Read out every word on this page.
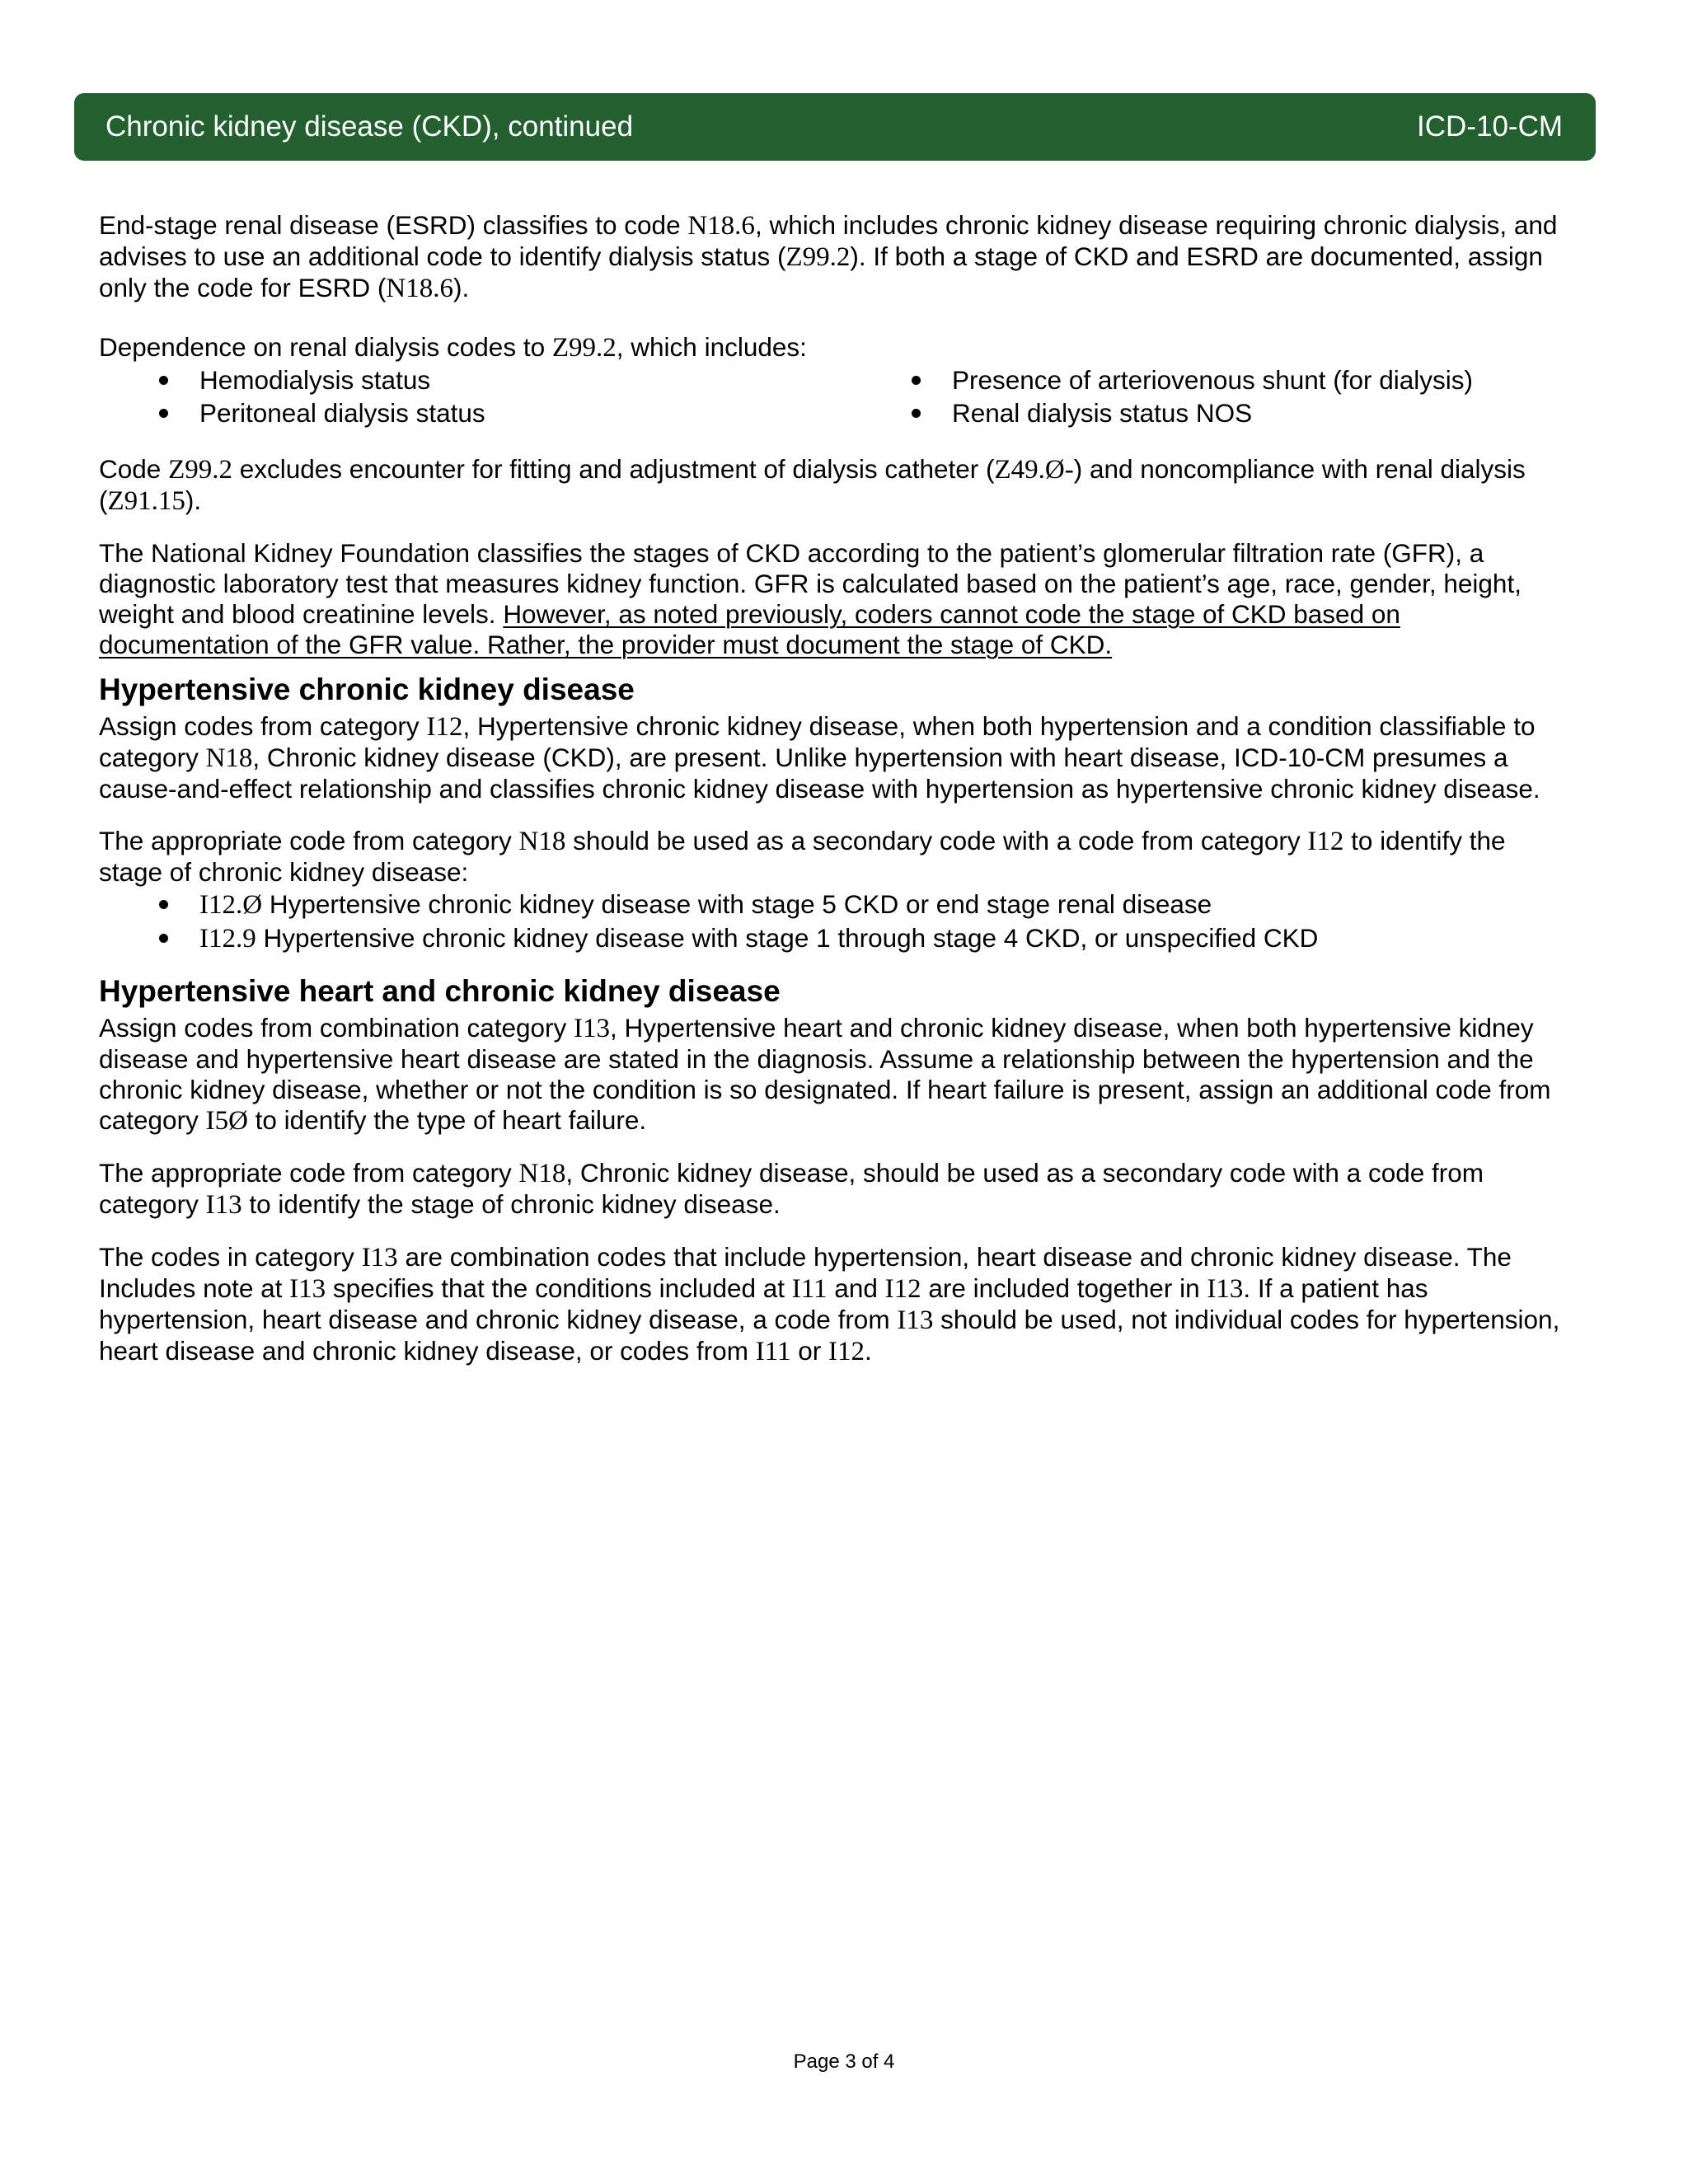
Chronic kidney disease (CKD), continued	ICD-10-CM

End-stage renal disease (ESRD) classifies to code N18.6, which includes chronic kidney disease requiring chronic dialysis, and advises to use an additional code to identify dialysis status (Z99.2). If both a stage of CKD and ESRD are documented, assign only the code for ESRD (N18.6).

Dependence on renal dialysis codes to Z99.2, which includes:

Hemodialysis status	Presence of arteriovenous shunt (for dialysis)
Peritoneal dialysis status	Renal dialysis status NOS

Code Z99.2 excludes encounter for fitting and adjustment of dialysis catheter (Z49.Ø-) and noncompliance with renal dialysis (Z91.15).

The National Kidney Foundation classifies the stages of CKD according to the patient’s glomerular filtration rate (GFR), a diagnostic laboratory test that measures kidney function. GFR is calculated based on the patient’s age, race, gender, height, weight and blood creatinine levels. However, as noted previously, coders cannot code the stage of CKD based on documentation of the GFR value. Rather, the provider must document the stage of CKD.

Hypertensive chronic kidney disease

Assign codes from category I12, Hypertensive chronic kidney disease, when both hypertension and a condition classifiable to category N18, Chronic kidney disease (CKD), are present. Unlike hypertension with heart disease, ICD-10-CM presumes a cause-and-effect relationship and classifies chronic kidney disease with hypertension as hypertensive chronic kidney disease.

The appropriate code from category N18 should be used as a secondary code with a code from category I12 to identify the stage of chronic kidney disease:

I12.Ø Hypertensive chronic kidney disease with stage 5 CKD or end stage renal disease
I12.9 Hypertensive chronic kidney disease with stage 1 through stage 4 CKD, or unspecified CKD
Hypertensive heart and chronic kidney disease

Assign codes from combination category I13, Hypertensive heart and chronic kidney disease, when both hypertensive kidney disease and hypertensive heart disease are stated in the diagnosis. Assume a relationship between the hypertension and the chronic kidney disease, whether or not the condition is so designated. If heart failure is present, assign an additional code from category I5Ø to identify the type of heart failure.

The appropriate code from category N18, Chronic kidney disease, should be used as a secondary code with a code from category I13 to identify the stage of chronic kidney disease.

The codes in category I13 are combination codes that include hypertension, heart disease and chronic kidney disease. The Includes note at I13 specifies that the conditions included at I11 and I12 are included together in I13. If a patient has hypertension, heart disease and chronic kidney disease, a code from I13 should be used, not individual codes for hypertension, heart disease and chronic kidney disease, or codes from I11 or I12.

Page 3 of 4
